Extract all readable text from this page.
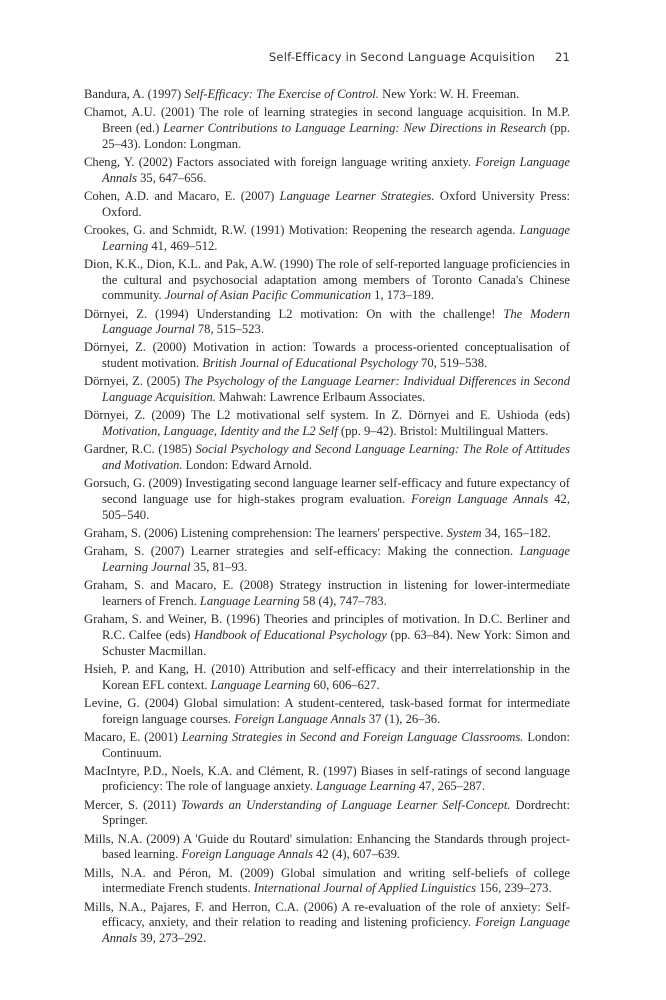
Self-Efficacy in Second Language Acquisition 21
Bandura, A. (1997) Self-Efficacy: The Exercise of Control. New York: W. H. Freeman.
Chamot, A.U. (2001) The role of learning strategies in second language acquisition. In M.P. Breen (ed.) Learner Contributions to Language Learning: New Directions in Research (pp. 25–43). London: Longman.
Cheng, Y. (2002) Factors associated with foreign language writing anxiety. Foreign Language Annals 35, 647–656.
Cohen, A.D. and Macaro, E. (2007) Language Learner Strategies. Oxford University Press: Oxford.
Crookes, G. and Schmidt, R.W. (1991) Motivation: Reopening the research agenda. Language Learning 41, 469–512.
Dion, K.K., Dion, K.L. and Pak, A.W. (1990) The role of self-reported language proficiencies in the cultural and psychosocial adaptation among members of Toronto Canada's Chinese community. Journal of Asian Pacific Communication 1, 173–189.
Dörnyei, Z. (1994) Understanding L2 motivation: On with the challenge! The Modern Language Journal 78, 515–523.
Dörnyei, Z. (2000) Motivation in action: Towards a process-oriented conceptualisation of student motivation. British Journal of Educational Psychology 70, 519–538.
Dörnyei, Z. (2005) The Psychology of the Language Learner: Individual Differences in Second Language Acquisition. Mahwah: Lawrence Erlbaum Associates.
Dörnyei, Z. (2009) The L2 motivational self system. In Z. Dörnyei and E. Ushioda (eds) Motivation, Language, Identity and the L2 Self (pp. 9–42). Bristol: Multilingual Matters.
Gardner, R.C. (1985) Social Psychology and Second Language Learning: The Role of Attitudes and Motivation. London: Edward Arnold.
Gorsuch, G. (2009) Investigating second language learner self-efficacy and future expectancy of second language use for high-stakes program evaluation. Foreign Language Annals 42, 505–540.
Graham, S. (2006) Listening comprehension: The learners' perspective. System 34, 165–182.
Graham, S. (2007) Learner strategies and self-efficacy: Making the connection. Language Learning Journal 35, 81–93.
Graham, S. and Macaro, E. (2008) Strategy instruction in listening for lower-intermediate learners of French. Language Learning 58 (4), 747–783.
Graham, S. and Weiner, B. (1996) Theories and principles of motivation. In D.C. Berliner and R.C. Calfee (eds) Handbook of Educational Psychology (pp. 63–84). New York: Simon and Schuster Macmillan.
Hsieh, P. and Kang, H. (2010) Attribution and self-efficacy and their interrelationship in the Korean EFL context. Language Learning 60, 606–627.
Levine, G. (2004) Global simulation: A student-centered, task-based format for intermediate foreign language courses. Foreign Language Annals 37 (1), 26–36.
Macaro, E. (2001) Learning Strategies in Second and Foreign Language Classrooms. London: Continuum.
MacIntyre, P.D., Noels, K.A. and Clément, R. (1997) Biases in self-ratings of second language proficiency: The role of language anxiety. Language Learning 47, 265–287.
Mercer, S. (2011) Towards an Understanding of Language Learner Self-Concept. Dordrecht: Springer.
Mills, N.A. (2009) A 'Guide du Routard' simulation: Enhancing the Standards through project-based learning. Foreign Language Annals 42 (4), 607–639.
Mills, N.A. and Péron, M. (2009) Global simulation and writing self-beliefs of college intermediate French students. International Journal of Applied Linguistics 156, 239–273.
Mills, N.A., Pajares, F. and Herron, C.A. (2006) A re-evaluation of the role of anxiety: Self-efficacy, anxiety, and their relation to reading and listening proficiency. Foreign Language Annals 39, 273–292.
